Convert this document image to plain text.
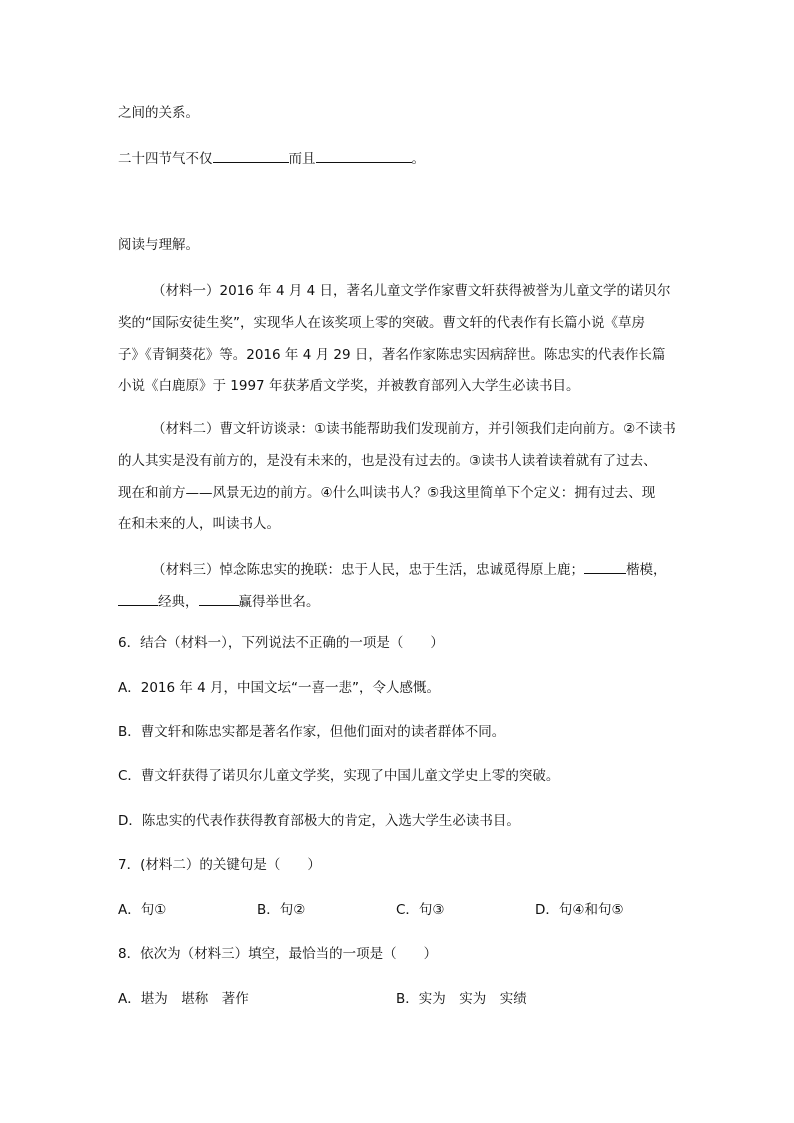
之间的关系。
二十四节气不仅	而且	。
阅读与理解。
（材料一）2016 年 4 月 4 日，著名儿童文学作家曹文轩获得被誉为儿童文学的诺贝尔
奖的“国际安徒生奖”，实现华人在该奖项上零的突破。曹文轩的代表作有长篇小说《草房
子》《青铜葵花》等。2016 年 4 月 29 日，著名作家陈忠实因病辞世。陈忠实的代表作长篇
小说《白鹿原》于 1997 年获茅盾文学奖，并被教育部列入大学生必读书目。
（材料二）曹文轩访谈录：①读书能帮助我们发现前方，并引领我们走向前方。②不读书
的人其实是没有前方的，是没有未来的，也是没有过去的。③读书人读着读着就有了过去、
现在和前方——风景无边的前方。④什么叫读书人？⑤我这里简单下个定义：拥有过去、现
在和未来的人，叫读书人。
（材料三）悼念陈忠实的挽联：忠于人民，忠于生活，忠诚觅得原上鹿；	楷模，
经典，	赢得举世名。
6．结合（材料一），下列说法不正确的一项是（　　）
A．2016 年 4 月，中国文坛“一喜一悲”，令人感慨。
B．曹文轩和陈忠实都是著名作家，但他们面对的读者群体不同。
C．曹文轩获得了诺贝尔儿童文学奖，实现了中国儿童文学史上零的突破。
D．陈忠实的代表作获得教育部极大的肯定，入选大学生必读书目。
7．(材料二）的关键句是（　　）
A．句①	B．句②	C．句③	D．句④和句⑤
8．依次为（材料三）填空，最恰当的一项是（　　）
A．堪为　堪称　著作	B．实为　实为　实绩
